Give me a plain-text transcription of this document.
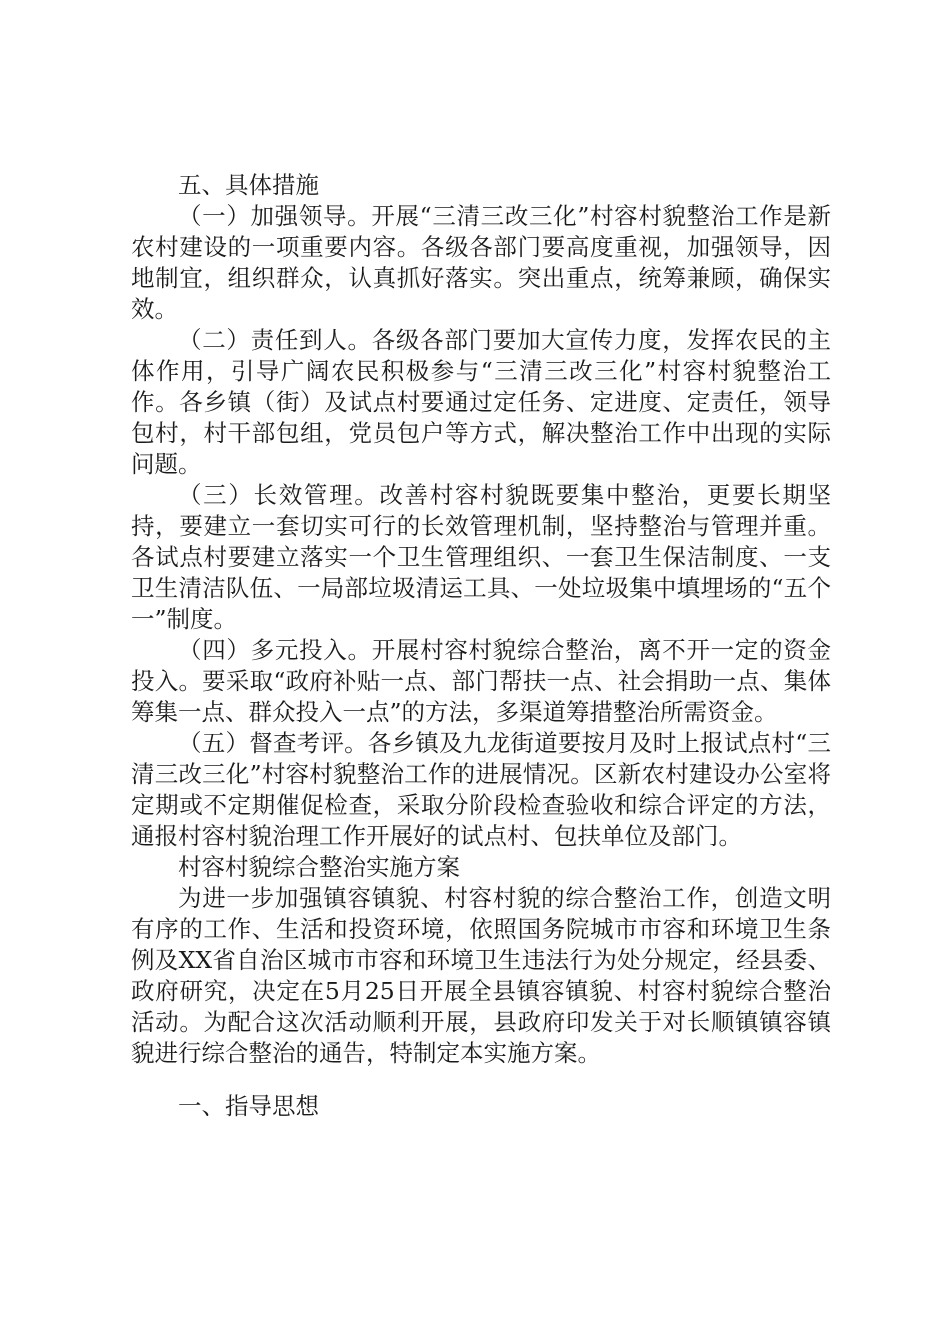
五、具体措施

（一）加强领导。开展“三清三改三化”村容村貌整治工作是新农村建设的一项重要内容。各级各部门要高度重视，加强领导，因地制宜，组织群众，认真抓好落实。突出重点，统筹兼顾，确保实效。

（二）责任到人。各级各部门要加大宣传力度，发挥农民的主体作用，引导广阔农民积极参与“三清三改三化”村容村貌整治工作。各乡镇（街）及试点村要通过定任务、定进度、定责任，领导包村，村干部包组，党员包户等方式，解决整治工作中出现的实际问题。

（三）长效管理。改善村容村貌既要集中整治，更要长期坚持，要建立一套切实可行的长效管理机制，坚持整治与管理并重。各试点村要建立落实一个卫生管理组织、一套卫生保洁制度、一支卫生清洁队伍、一局部垃圾清运工具、一处垃圾集中填埋场的“五个一”制度。

（四）多元投入。开展村容村貌综合整治，离不开一定的资金投入。要采取“政府补贴一点、部门帮扶一点、社会捐助一点、集体筹集一点、群众投入一点”的方法，多渠道筹措整治所需资金。

（五）督查考评。各乡镇及九龙街道要按月及时上报试点村“三清三改三化”村容村貌整治工作的进展情况。区新农村建设办公室将定期或不定期催促检查，采取分阶段检查验收和综合评定的方法，通报村容村貌治理工作开展好的试点村、包扶单位及部门。

村容村貌综合整治实施方案

为进一步加强镇容镇貌、村容村貌的综合整治工作，创造文明有序的工作、生活和投资环境，依照国务院城市市容和环境卫生条例及XX省自治区城市市容和环境卫生违法行为处分规定，经县委、政府研究，决定在5月25日开展全县镇容镇貌、村容村貌综合整治活动。为配合这次活动顺利开展，县政府印发关于对长顺镇镇容镇貌进行综合整治的通告，特制定本实施方案。

一、指导思想
